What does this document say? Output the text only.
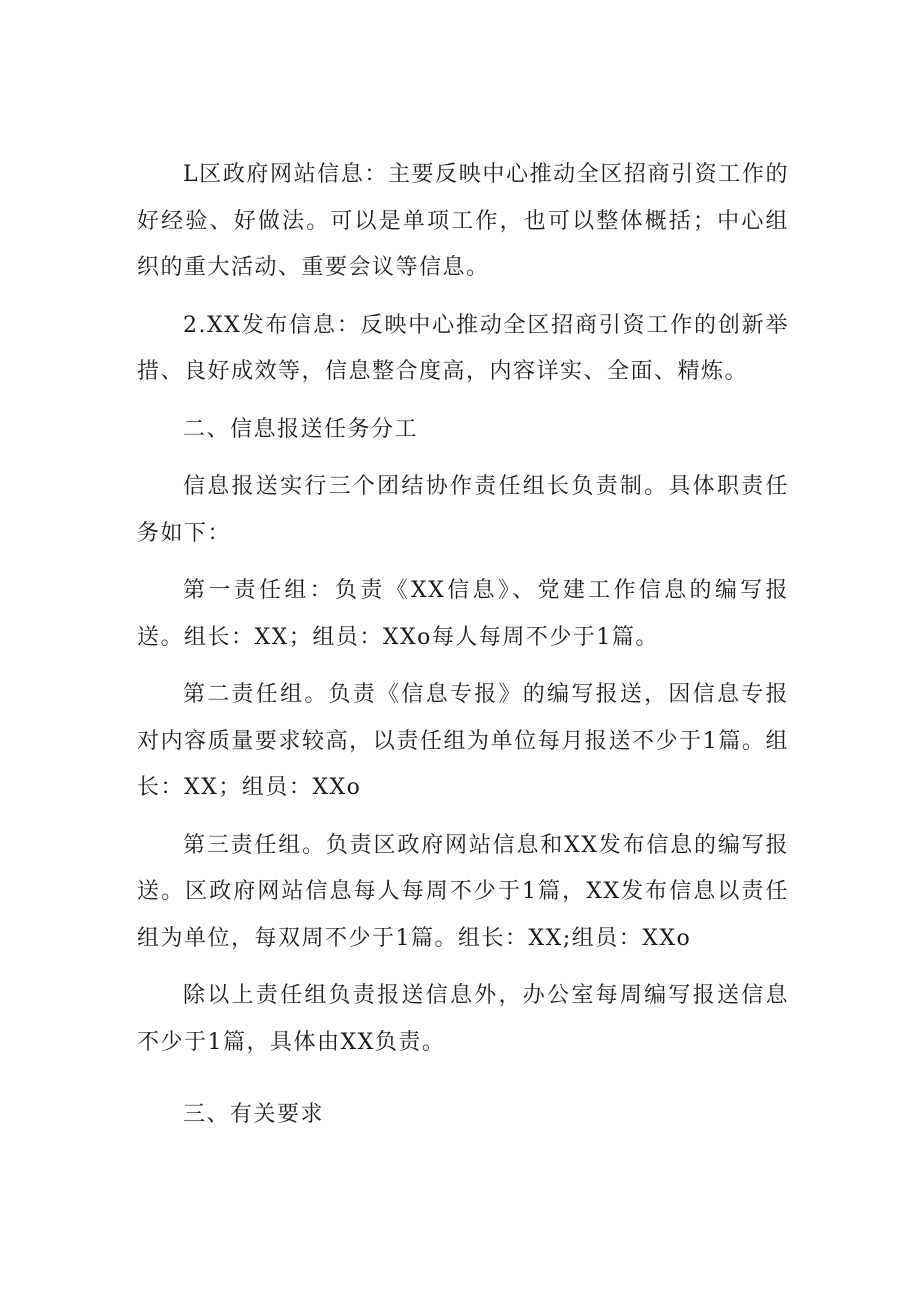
L区政府网站信息：主要反映中心推动全区招商引资工作的好经验、好做法。可以是单项工作，也可以整体概括；中心组织的重大活动、重要会议等信息。

2.XX发布信息：反映中心推动全区招商引资工作的创新举措、良好成效等，信息整合度高，内容详实、全面、精炼。

二、信息报送任务分工

信息报送实行三个团结协作责任组长负责制。具体职责任务如下：

第一责任组：负责《XX信息》、党建工作信息的编写报送。组长：XX；组员：XXo每人每周不少于1篇。

第二责任组。负责《信息专报》的编写报送，因信息专报对内容质量要求较高，以责任组为单位每月报送不少于1篇。组长：XX；组员：XXo

第三责任组。负责区政府网站信息和XX发布信息的编写报送。区政府网站信息每人每周不少于1篇，XX发布信息以责任组为单位，每双周不少于1篇。组长：XX;组员：XXo

除以上责任组负责报送信息外，办公室每周编写报送信息不少于1篇，具体由XX负责。

三、有关要求
